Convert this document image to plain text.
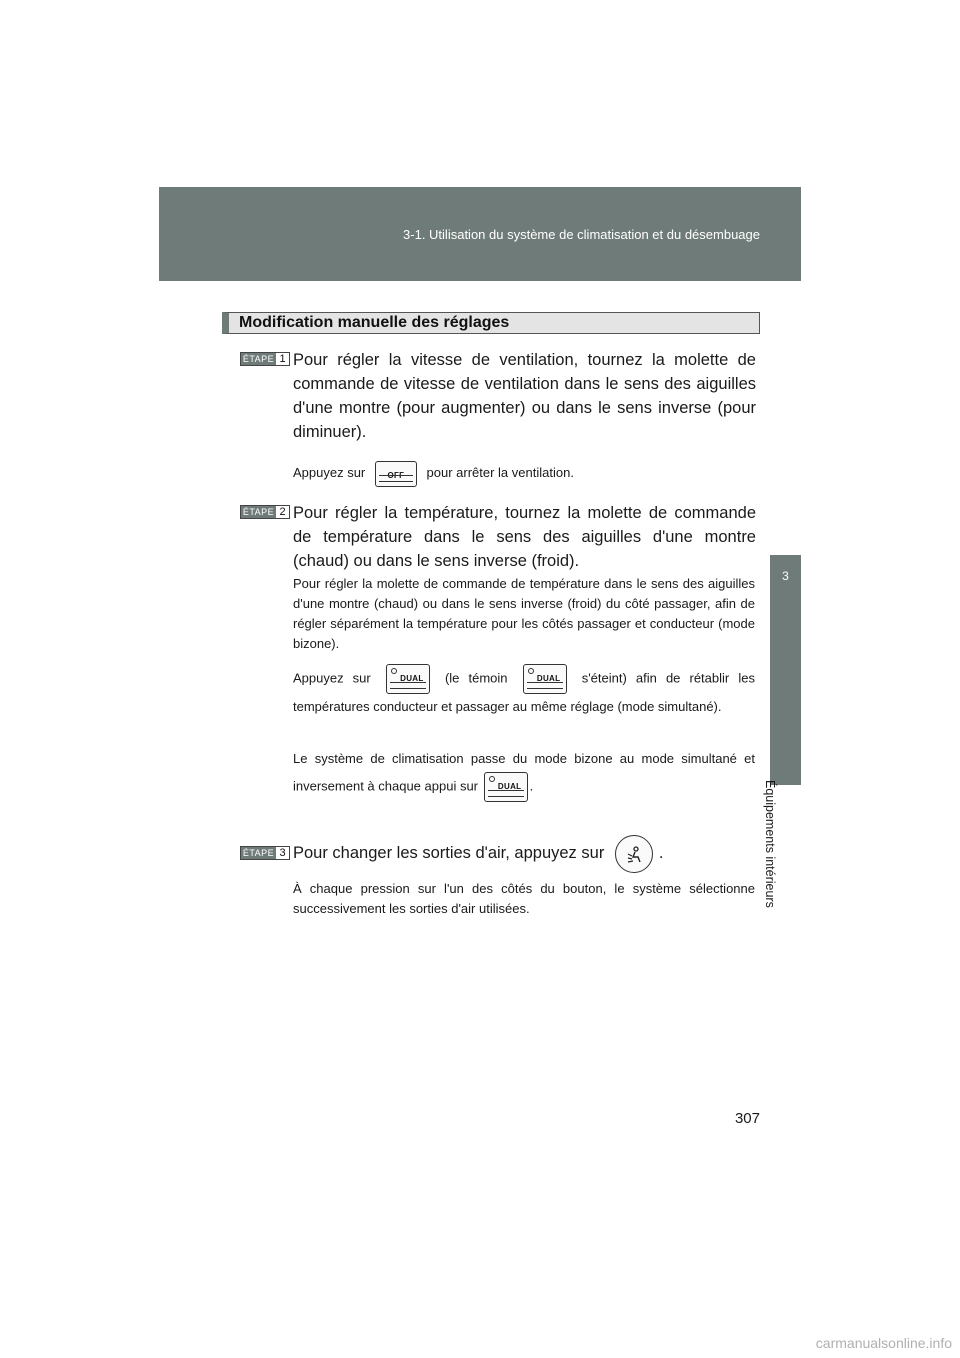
3-1. Utilisation du système de climatisation et du désembuage
3
Équipements intérieurs
Modification manuelle des réglages
ÉTAPE 1 Pour régler la vitesse de ventilation, tournez la molette de commande de vitesse de ventilation dans le sens des aiguilles d'une montre (pour augmenter) ou dans le sens inverse (pour diminuer).
Appuyez sur	OFF	pour arrêter la ventilation.
ÉTAPE 2 Pour régler la température, tournez la molette de commande de température dans le sens des aiguilles d'une montre (chaud) ou dans le sens inverse (froid).
Pour régler la molette de commande de température dans le sens des aiguilles d'une montre (chaud) ou dans le sens inverse (froid) du côté passager, afin de régler séparément la température pour les côtés passager et conducteur (mode bizone).
Appuyez sur	DUAL	(le témoin	DUAL	s'éteint) afin de rétablir les températures conducteur et passager au même réglage (mode simultané).
Le système de climatisation passe du mode bizone au mode simultané et inversement à chaque appui sur	DUAL .
ÉTAPE 3 Pour changer les sorties d'air, appuyez sur	.
À chaque pression sur l'un des côtés du bouton, le système sélectionne successivement les sorties d'air utilisées.
307
carmanualsonline.info
